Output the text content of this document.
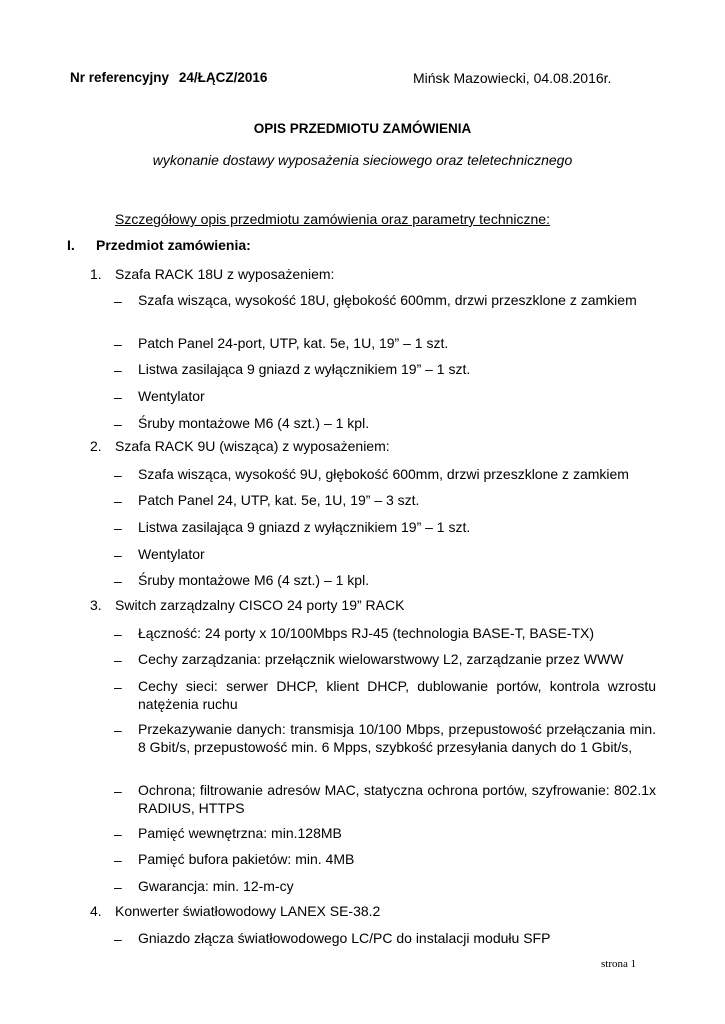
Nr referencyjny 24/ŁĄCZ/2016	Mińsk Mazowiecki, 04.08.2016r.
OPIS PRZEDMIOTU ZAMÓWIENIA
wykonanie dostawy wyposażenia sieciowego oraz teletechnicznego
Szczegółowy opis przedmiotu zamówienia oraz parametry techniczne:
I. Przedmiot zamówienia:
1. Szafa RACK 18U z wyposażeniem:
– Szafa wisząca, wysokość 18U, głębokość 600mm, drzwi przeszklone z zamkiem
– Patch Panel 24-port, UTP, kat. 5e, 1U, 19” – 1 szt.
– Listwa zasilająca 9 gniazd z wyłącznikiem 19” – 1 szt.
– Wentylator
– Śruby montażowe M6 (4 szt.) – 1 kpl.
2. Szafa RACK 9U (wisząca) z wyposażeniem:
– Szafa wisząca, wysokość 9U, głębokość 600mm, drzwi przeszklone z zamkiem
– Patch Panel 24, UTP, kat. 5e, 1U, 19” – 3 szt.
– Listwa zasilająca 9 gniazd z wyłącznikiem 19” – 1 szt.
– Wentylator
– Śruby montażowe M6 (4 szt.) – 1 kpl.
3. Switch zarządzalny CISCO 24 porty 19” RACK
– Łączność: 24 porty x 10/100Mbps RJ-45 (technologia BASE-T, BASE-TX)
– Cechy zarządzania: przełącznik wielowarstwowy L2, zarządzanie przez WWW
– Cechy sieci: serwer DHCP, klient DHCP, dublowanie portów, kontrola wzrostu natężenia ruchu
– Przekazywanie danych: transmisja 10/100 Mbps, przepustowość przełączania min. 8 Gbit/s, przepustowość min. 6 Mpps, szybkość przesyłania danych do 1 Gbit/s,
– Ochrona; filtrowanie adresów MAC, statyczna ochrona portów, szyfrowanie: 802.1x RADIUS, HTTPS
– Pamięć wewnętrzna: min.128MB
– Pamięć bufora pakietów: min. 4MB
– Gwarancja: min. 12-m-cy
4. Konwerter światłowodowy LANEX SE-38.2
– Gniazdo złącza światłowodowego LC/PC do instalacji modułu SFP
strona 1
